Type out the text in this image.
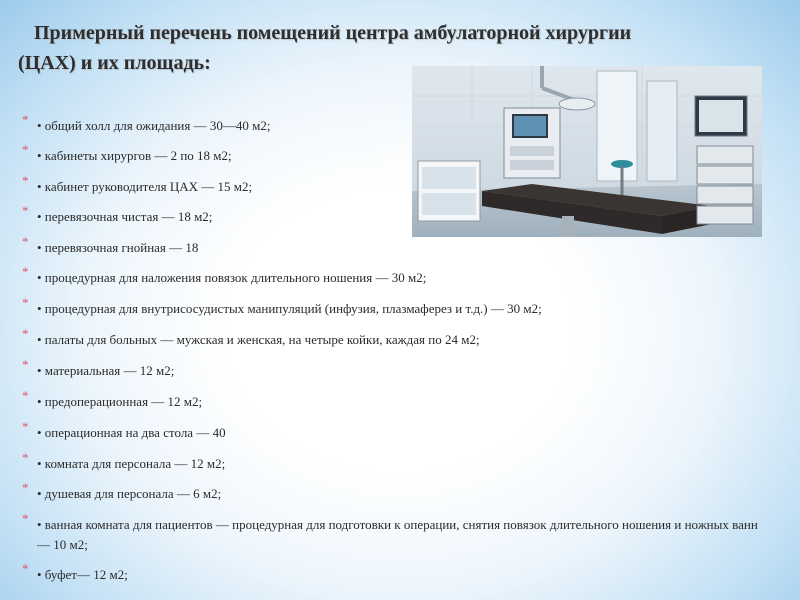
Примерный перечень помещений центра амбулаторной хирургии
(ЦАХ) и их площадь:
* • общий холл для ожидания — 30—40 м2;
* • кабинеты хирургов — 2 по 18 м2;
* • кабинет руководителя ЦАХ — 15 м2;
* • перевязочная чистая — 18 м2;
* • перевязочная гнойная — 18
* • процедурная для наложения повязок длительного ношения — 30 м2;
* • процедурная для внутрисосудистых манипуляций (инфузия, плазмаферез и т.д.) — 30 м2;
* • палаты для больных — мужская и женская, на четыре койки, каждая по 24 м2;
* • материальная — 12 м2;
* • предоперационная — 12 м2;
* • операционная на два стола — 40
* • комната для персонала — 12 м2;
* • душевая для персонала — 6 м2;
* • ванная комната для пациентов — процедурная для подготовки к операции, снятия повязок длительного ношения и ножных ванн — 10 м2;
* • буфет— 12 м2;
